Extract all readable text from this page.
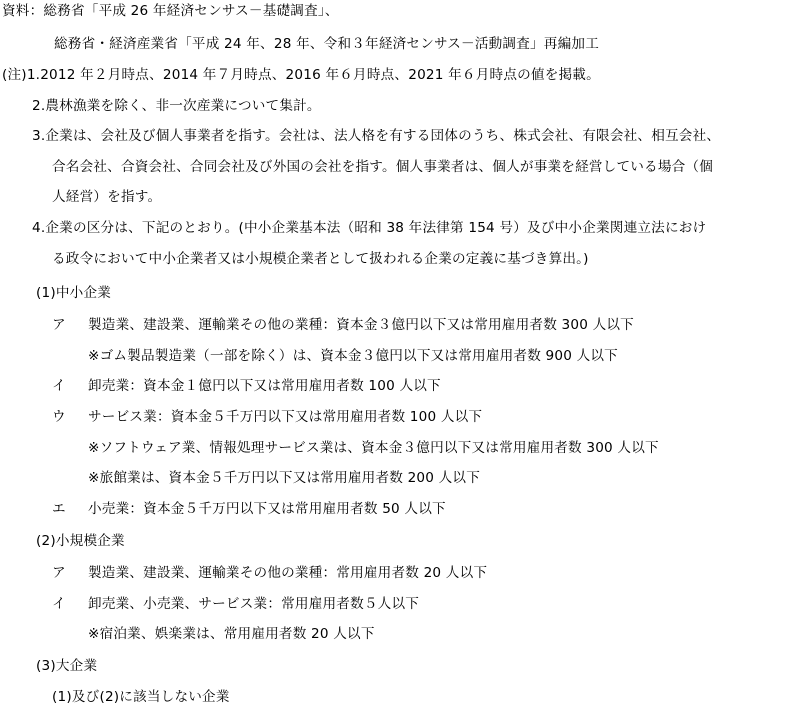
資料：総務省「平成 26 年経済センサス－基礎調査」、
総務省・経済産業省「平成 24 年、28 年、令和３年経済センサス－活動調査」再編加工
(注)1.2012 年２月時点、2014 年７月時点、2016 年６月時点、2021 年６月時点の値を掲載。
2.農林漁業を除く、非一次産業について集計。
3.企業は、会社及び個人事業者を指す。会社は、法人格を有する団体のうち、株式会社、有限会社、相互会社、
合名会社、合資会社、合同会社及び外国の会社を指す。個人事業者は、個人が事業を経営している場合（個
人経営）を指す。
4.企業の区分は、下記のとおり。(中小企業基本法（昭和 38 年法律第 154 号）及び中小企業関連立法におけ
る政令において中小企業者又は小規模企業者として扱われる企業の定義に基づき算出。)
(1)中小企業
ア 製造業、建設業、運輸業その他の業種：資本金３億円以下又は常用雇用者数 300 人以下
※ゴム製品製造業（一部を除く）は、資本金３億円以下又は常用雇用者数 900 人以下
イ 卸売業：資本金１億円以下又は常用雇用者数 100 人以下
ウ サービス業：資本金５千万円以下又は常用雇用者数 100 人以下
※ソフトウェア業、情報処理サービス業は、資本金３億円以下又は常用雇用者数 300 人以下
※旅館業は、資本金５千万円以下又は常用雇用者数 200 人以下
エ 小売業：資本金５千万円以下又は常用雇用者数 50 人以下
(2)小規模企業
ア 製造業、建設業、運輸業その他の業種：常用雇用者数 20 人以下
イ 卸売業、小売業、サービス業：常用雇用者数５人以下
※宿泊業、娯楽業は、常用雇用者数 20 人以下
(3)大企業
(1)及び(2)に該当しない企業
